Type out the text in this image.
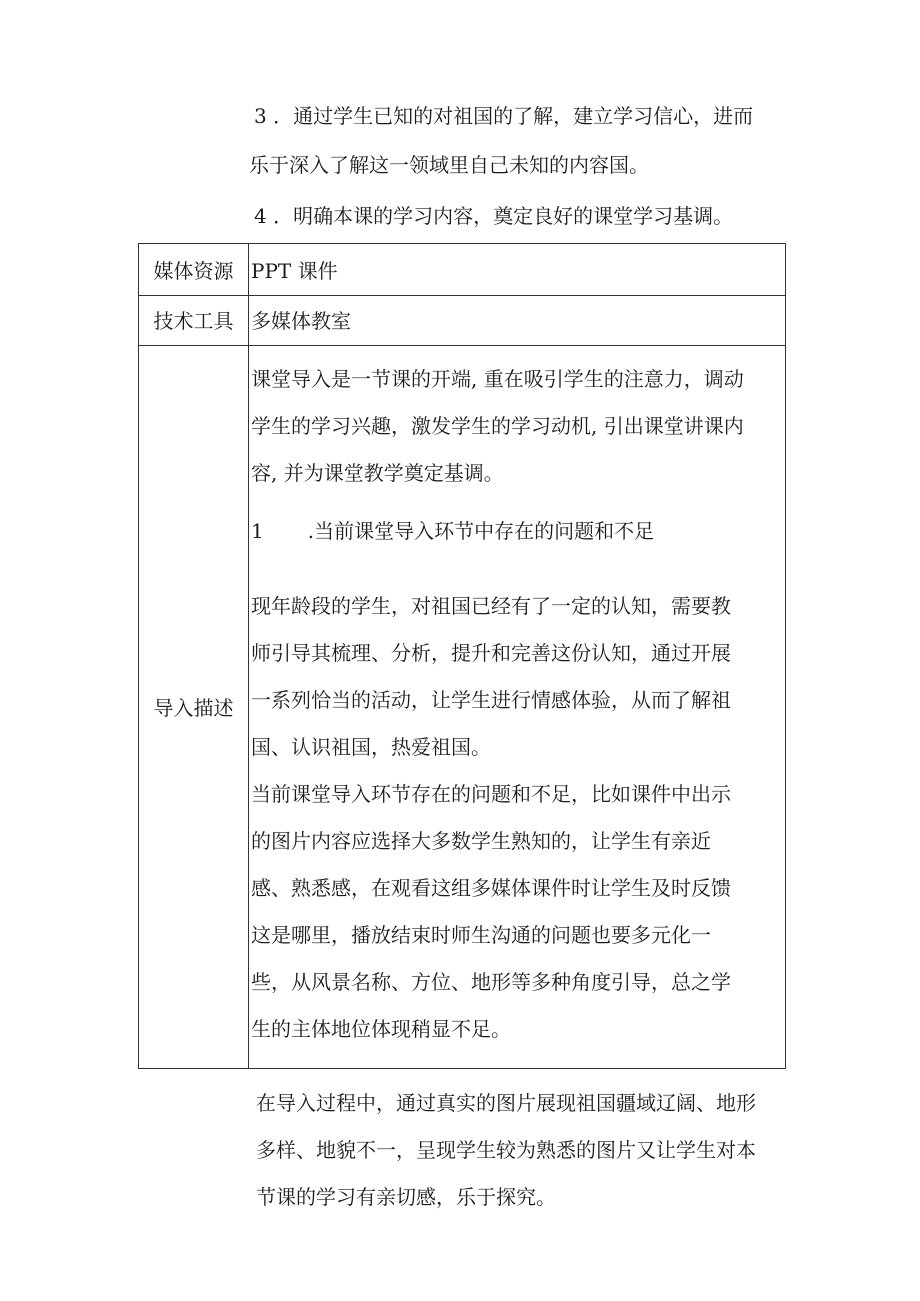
3 ．通过学生已知的对祖国的了解，建立学习信心，进而
乐于深入了解这一领域里自己未知的内容国。
4 ．明确本课的学习内容，奠定良好的课堂学习基调。
媒体资源 PPT 课件
技术工具 多媒体教室
导入描述
课堂导入是一节课的开端, 重在吸引学生的注意力，调动
学生的学习兴趣，激发学生的学习动机, 引出课堂讲课内
容, 并为课堂教学奠定基调。
1 .当前课堂导入环节中存在的问题和不足
现年龄段的学生，对祖国已经有了一定的认知，需要教
师引导其梳理、分析，提升和完善这份认知，通过开展
一系列恰当的活动，让学生进行情感体验，从而了解祖
国、认识祖国，热爱祖国。
当前课堂导入环节存在的问题和不足，比如课件中出示
的图片内容应选择大多数学生熟知的，让学生有亲近
感、熟悉感，在观看这组多媒体课件时让学生及时反馈
这是哪里，播放结束时师生沟通的问题也要多元化一
些，从风景名称、方位、地形等多种角度引导，总之学
生的主体地位体现稍显不足。
在导入过程中，通过真实的图片展现祖国疆域辽阔、地形
多样、地貌不一，呈现学生较为熟悉的图片又让学生对本
节课的学习有亲切感，乐于探究。
